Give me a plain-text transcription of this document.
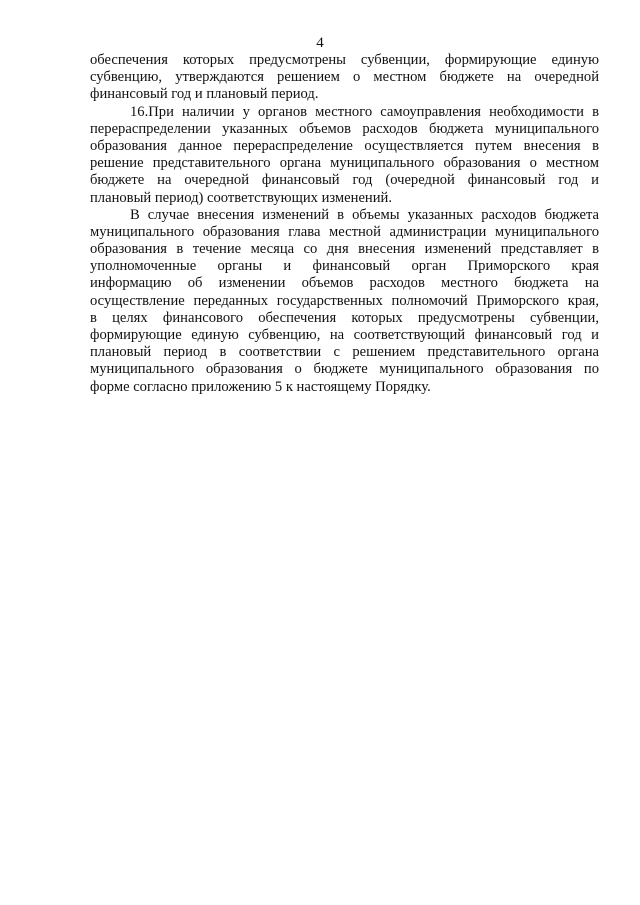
4
обеспечения которых предусмотрены субвенции, формирующие единую
субвенцию, утверждаются решением о местном бюджете на очередной
финансовый год и плановый период.
16.При наличии у органов местного самоуправления необходимости в
перераспределении указанных объемов расходов бюджета муниципального
образования данное перераспределение осуществляется путем внесения в
решение представительного органа муниципального образования о местном
бюджете на очередной финансовый год (очередной финансовый год и
плановый период) соответствующих изменений.
В случае внесения изменений в объемы указанных расходов бюджета
муниципального образования глава местной администрации муниципального
образования в течение месяца со дня внесения изменений представляет в
уполномоченные органы и финансовый орган Приморского края
информацию об изменении объемов расходов местного бюджета на
осуществление переданных государственных полномочий Приморского края,
в целях финансового обеспечения которых предусмотрены субвенции,
формирующие единую субвенцию, на соответствующий финансовый год и
плановый период в соответствии с решением представительного органа
муниципального образования о бюджете муниципального образования по
форме согласно приложению 5 к настоящему Порядку.
